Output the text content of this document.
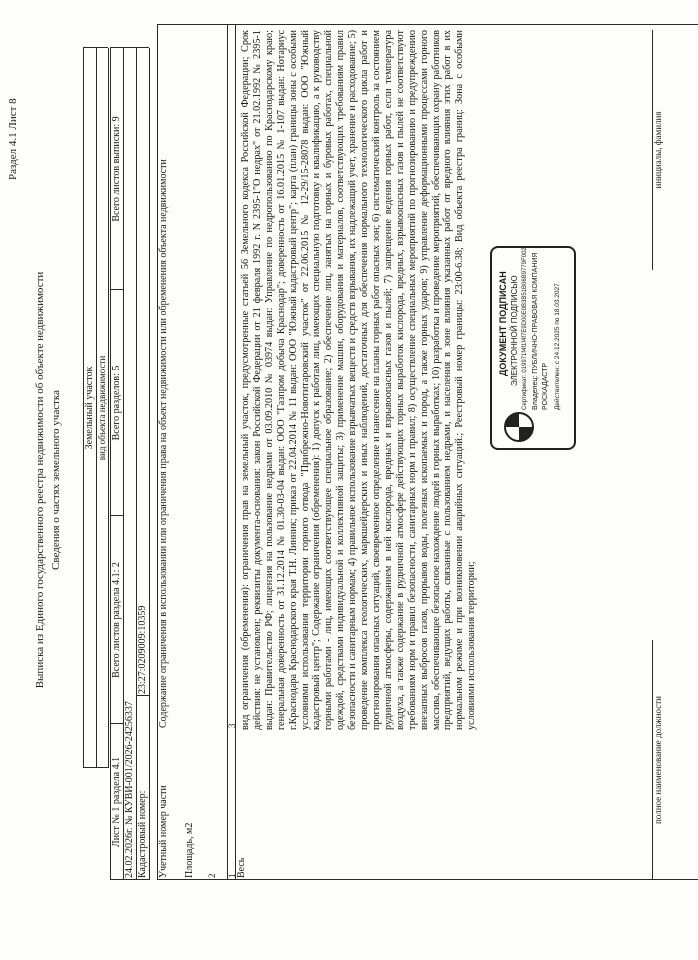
Раздел 4.1 Лист 8
Выписка из Единого государственного реестра недвижимости об объекте недвижимости Сведения о частях земельного участка Земельный участок вид объекта недвижимости
Лист № 1 раздела 4.1
Всего листов раздела 4.1: 2
Всего разделов: 5
Всего листов выписки: 9
24.02.2026г. № КУВИ-001/2026-24256337 Кадастровый номер:
23:27:0209009:10359
Учетный номер части Площадь, м2
Содержание ограничения в использовании или ограничения права на объект недвижимости или обременения объекта недвижимости
1
2
3
Весь

вид ограничения (обременения): ограничения прав на земельный участок, предусмотренные статьей 56 Земельного кодекса Российской Федерации; Срок действия: не установлен; реквизиты документа-основания: закон Российской Федерации от 21 февраля 1992 г. N 2395-1"О недрах" от 21.02.1992 № 2395-1 выдан: Правительство РФ; лицензия на пользование недрами от 03.09.2010 № 03974 выдан: Управление по недропользованию по Краснодарскому краю; генеральная доверенность от 31.12.2014 № 01.30-03-04 выдан: ООО "Газпром добыча Краснодар"; доверенность от 16.01.2015 № 1-107 выдан: Нотариус г.Краснодара Краснодарского края Т.Н. Линник; приказ от 22.04.2014 № 11 выдан: ООО "Южный кадастровый центр"; карта (план) границы зоны с особыми условиями использования территории горного отвода "Прибрежно-Новотитаровский участок" от 22.06.2015 № 12-29/15-28078 выдан: ООО "Южный кадастровый центр"; Содержание ограничения (обременения): 1) допуск к работам лиц, имеющих специальную подготовку и квалификацию, а к руководству горными работами - лиц, имеющих соответствующее специальное образование; 2) обеспечение лиц, занятых на горных и буровых работах, специальной одеждой, средствами индивидуальной и коллективной защиты; 3) применение машин, оборудования и материалов, соответствующих требованиям правил безопасности и санитарным нормам; 4) правильное использование взрывчатых веществ и средств взрывания, их надлежащий учет, хранение и расходование; 5) проведение комплекса геологических, маркшейдерских и иных наблюдений, достаточных для обеспечения нормального технологического цикла работ и прогнозирования опасных ситуаций, своевременное определение и нанесение на планы горных работ опасных зон; 6) систематический контроль за состоянием рудничной атмосферы, содержанием в ней кислорода, вредных и взрывоопасных газов и пылей; 7) запрещение ведения горных работ, если температура воздуха, а также содержание в рудничной атмосфере действующих горных выработок кислорода, вредных, взрывоопасных газов и пылей не соответствуют требованиям норм и правил безопасности, санитарных норм и правил; 8) осуществление специальных мероприятий по прогнозированию и предупреждению внезапных выбросов газов, прорывов воды, полезных ископаемых и пород, а также горных ударов; 9) управление деформационными процессами горного массива, обеспечивающее безопасное нахождение людей в горных выработках; 10) разработка и проведение мероприятий, обеспечивающих охрану работников предприятий, ведущих работы, связанные с пользованием недрами, и населения в зоне влияния указанных работ от вредного влияния этих работ в их нормальном режиме и при возникновении аварийных ситуаций.; Реестровый номер границы: 23:00-6.38; Вид объекта реестра границ: Зона с особыми условиями использования территории;

ДОКУМЕНТ ПОДПИСАН ЭЛЕКТРОННОЙ ПОДПИСЬЮ Сертификат: 019971f4f1f4f7E9D00E0B3B51B06B9779F002 Владелец: ПУБЛИЧНО-ПРАВОВАЯ КОМПАНИЯ РОСКАДАСТР Действителен: с 24.12.2025 по 18.03.2027
полное наименование должности
инициалы, фамилия
